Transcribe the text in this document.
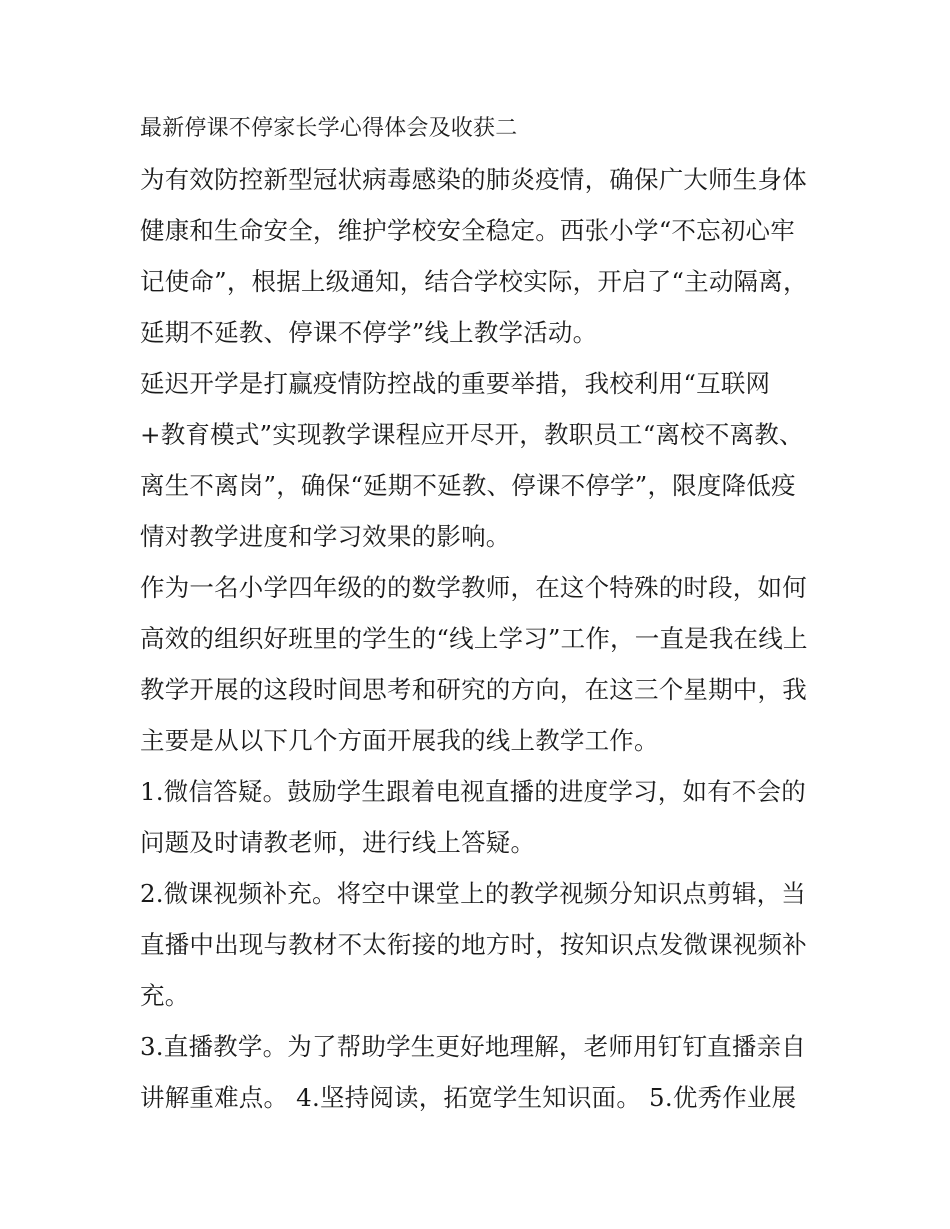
最新停课不停家长学心得体会及收获二
为有效防控新型冠状病毒感染的肺炎疫情，确保广大师生身体
健康和生命安全，维护学校安全稳定。西张小学“不忘初心牢
记使命”，根据上级通知，结合学校实际，开启了“主动隔离，
延期不延教、停课不停学”线上教学活动。
延迟开学是打赢疫情防控战的重要举措，我校利用“互联网
+教育模式”实现教学课程应开尽开，教职员工“离校不离教、
离生不离岗”，确保“延期不延教、停课不停学”，限度降低疫
情对教学进度和学习效果的影响。
作为一名小学四年级的的数学教师，在这个特殊的时段，如何
高效的组织好班里的学生的“线上学习”工作，一直是我在线上
教学开展的这段时间思考和研究的方向，在这三个星期中，我
主要是从以下几个方面开展我的线上教学工作。
1.微信答疑。鼓励学生跟着电视直播的进度学习，如有不会的
问题及时请教老师，进行线上答疑。
2.微课视频补充。将空中课堂上的教学视频分知识点剪辑，当
直播中出现与教材不太衔接的地方时，按知识点发微课视频补
充。
3.直播教学。为了帮助学生更好地理解，老师用钉钉直播亲自
讲解重难点。 4.坚持阅读，拓宽学生知识面。 5.优秀作业展
